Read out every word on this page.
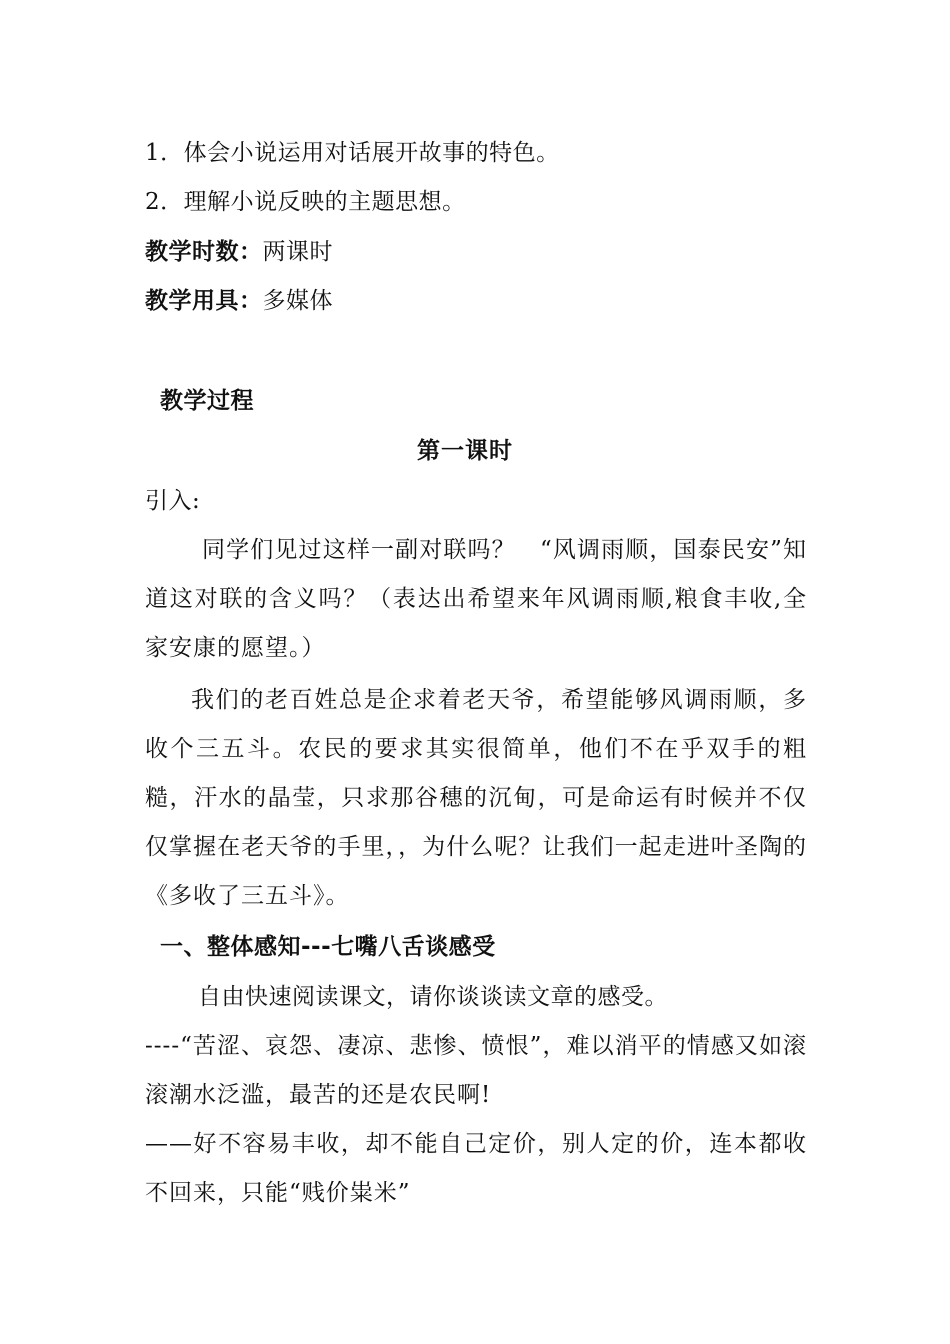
1．体会小说运用对话展开故事的特色。
2．理解小说反映的主题思想。
教学时数：两课时
教学用具：多媒体
教学过程
第一课时
引入:
同学们见过这样一副对联吗？　“风调雨顺，国泰民安”知道这对联的含义吗？（表达出希望来年风调雨顺,粮食丰收,全家安康的愿望。）
我们的老百姓总是企求着老天爷，希望能够风调雨顺，多收个三五斗。农民的要求其实很简单，他们不在乎双手的粗糙，汗水的晶莹，只求那谷穗的沉甸，可是命运有时候并不仅仅掌握在老天爷的手里，，为什么呢？让我们一起走进叶圣陶的《多收了三五斗》。
一、整体感知---七嘴八舌谈感受
自由快速阅读课文，请你谈谈读文章的感受。
----“苦涩、哀怨、凄凉、悲惨、愤恨”，难以消平的情感又如滚滚潮水泛滥，最苦的还是农民啊!
——好不容易丰收，却不能自己定价，别人定的价，连本都收不回来，只能“贱价粜米”
